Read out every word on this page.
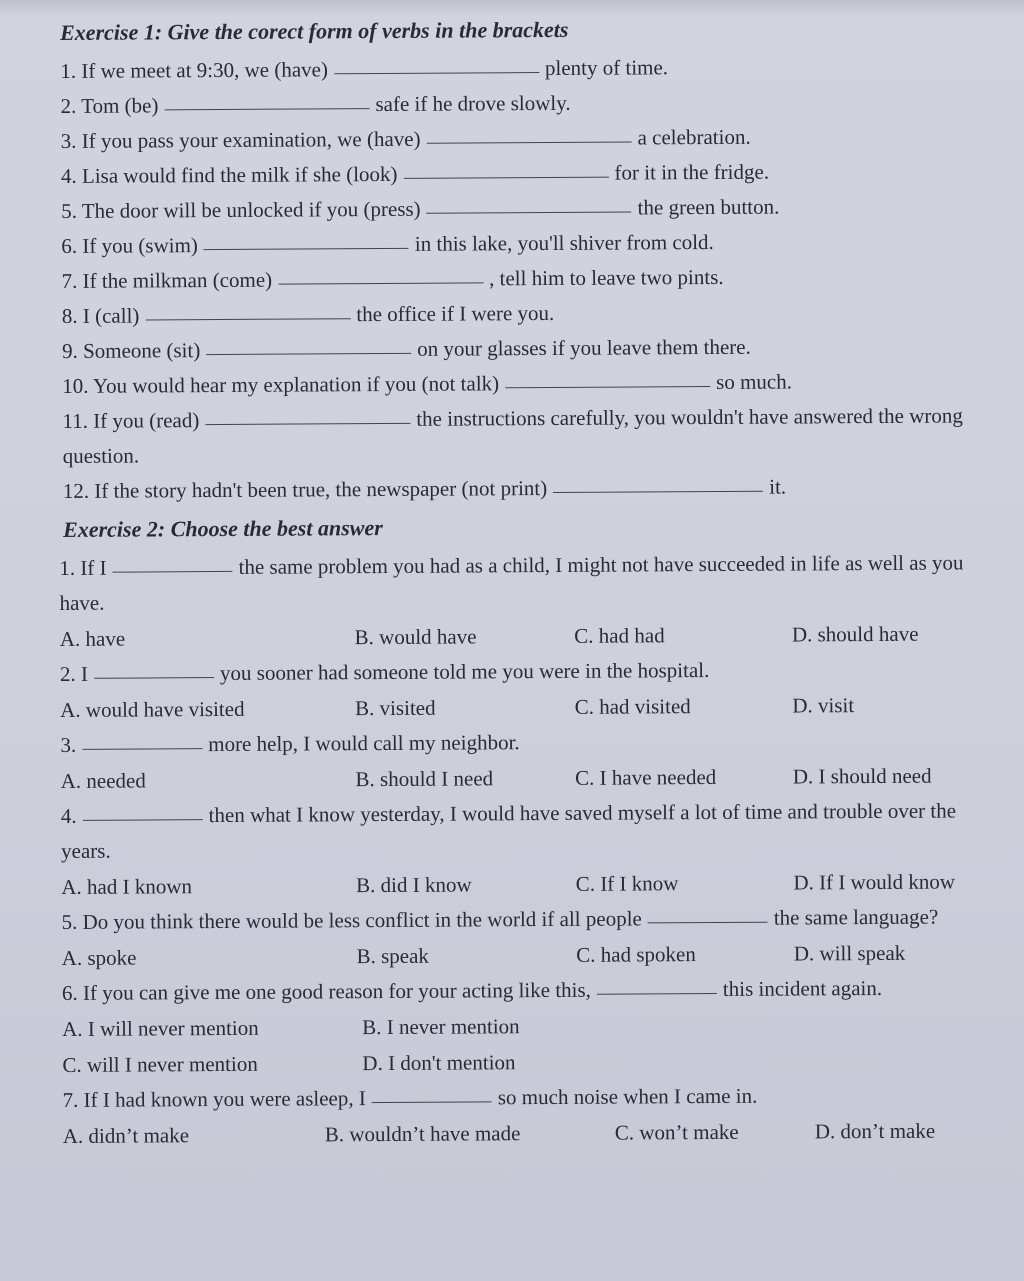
Exercise 1: Give the corect form of verbs in the brackets
1. If we meet at 9:30, we (have)	plenty of time.
2. Tom (be)	safe if he drove slowly.
3. If you pass your examination, we (have)	a celebration.
4. Lisa would find the milk if she (look)	for it in the fridge.
5. The door will be unlocked if you (press)	the green button.
6. If you (swim)	in this lake, you'll shiver from cold.
7. If the milkman (come)	, tell him to leave two pints.
8. I (call)	the office if I were you.
9. Someone (sit)	on your glasses if you leave them there.
10. You would hear my explanation if you (not talk)	so much.
11. If you (read)	the instructions carefully, you wouldn't have answered the wrong question.
12. If the story hadn't been true, the newspaper (not print)	it.
Exercise 2: Choose the best answer
1. If I	the same problem you had as a child, I might not have succeeded in life as well as you have.
A. have	B. would have	C. had had	D. should have
2. I	you sooner had someone told me you were in the hospital.
A. would have visited	B. visited	C. had visited	D. visit
3.	more help, I would call my neighbor.
A. needed	B. should I need	C. I have needed	D. I should need
4.	then what I know yesterday, I would have saved myself a lot of time and trouble over the years.
A. had I known	B. did I know	C. If I know	D. If I would know
5. Do you think there would be less conflict in the world if all people	the same language?
A. spoke	B. speak	C. had spoken	D. will speak
6. If you can give me one good reason for your acting like this,	this incident again.
A. I will never mention	B. I never mention
C. will I never mention	D. I don't mention
7. If I had known you were asleep, I	so much noise when I came in.
A. didn’t make	B. wouldn’t have made	C. won’t make	D. don’t make
